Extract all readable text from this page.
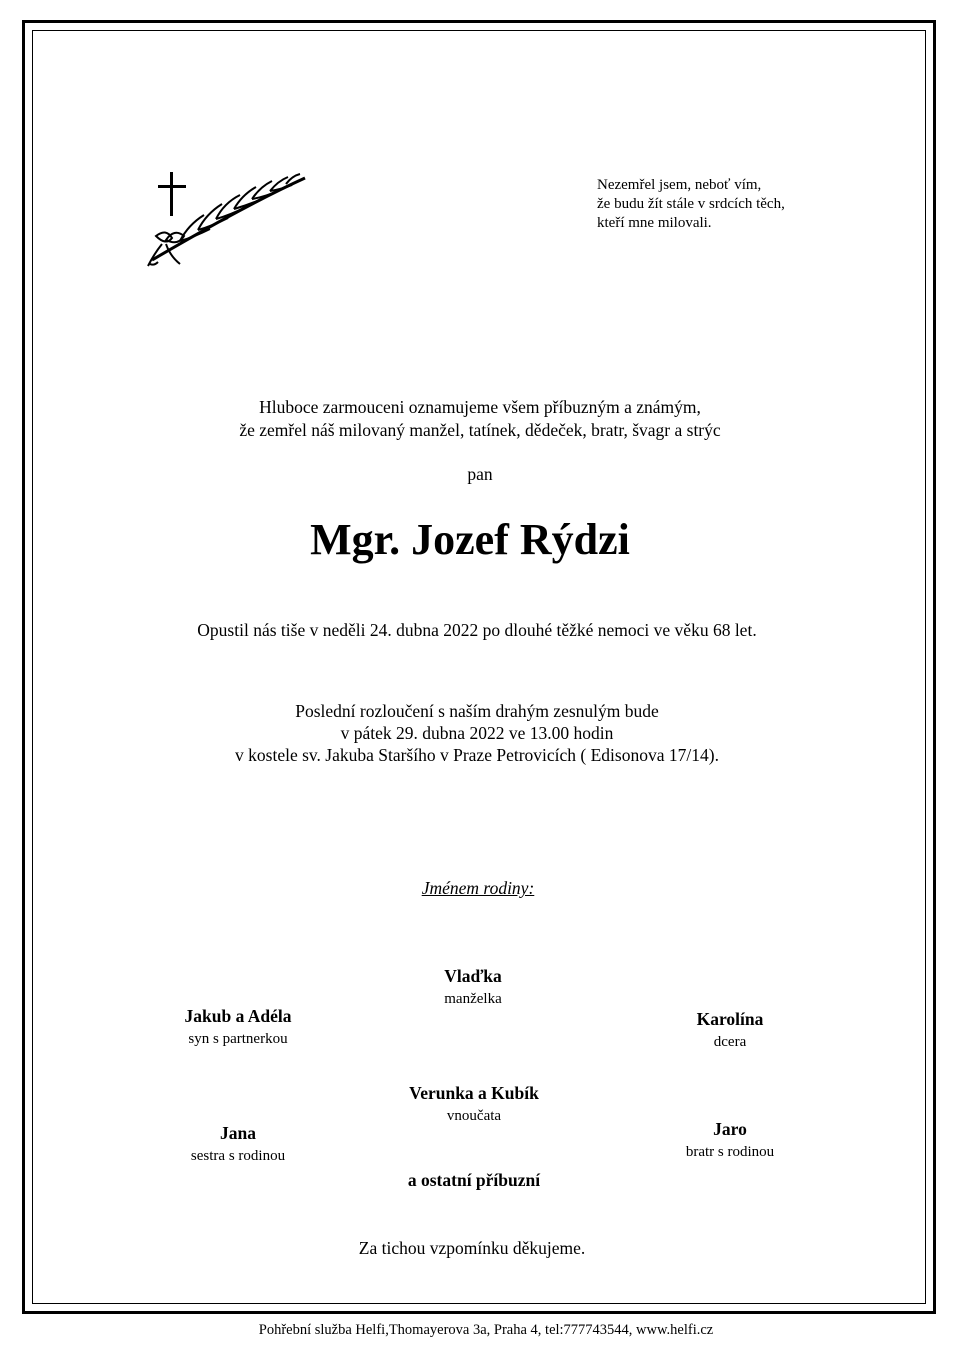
Nezemřel jsem, neboť vím,
že budu žít stále v srdcích těch,
kteří mne milovali.
Hluboce zarmouceni oznamujeme všem příbuzným a známým,
že zemřel náš milovaný manžel, tatínek, dědeček, bratr, švagr a strýc
pan
Mgr. Jozef Rýdzi
Opustil nás tiše v neděli 24. dubna 2022 po dlouhé těžké nemoci ve věku 68 let.
Poslední rozloučení s naším drahým zesnulým bude
v pátek 29. dubna 2022 ve 13.00 hodin
v kostele sv. Jakuba Staršího v Praze Petrovicích ( Edisonova 17/14).
Jménem rodiny:
Vlaďka
manželka
Jakub a Adéla
syn s partnerkou
Karolína
dcera
Verunka a Kubík
vnoučata
Jana
sestra s rodinou
Jaro
bratr s rodinou
a ostatní příbuzní
Za tichou vzpomínku děkujeme.
Pohřební služba Helfi,Thomayerova 3a, Praha 4, tel:777743544, www.helfi.cz
